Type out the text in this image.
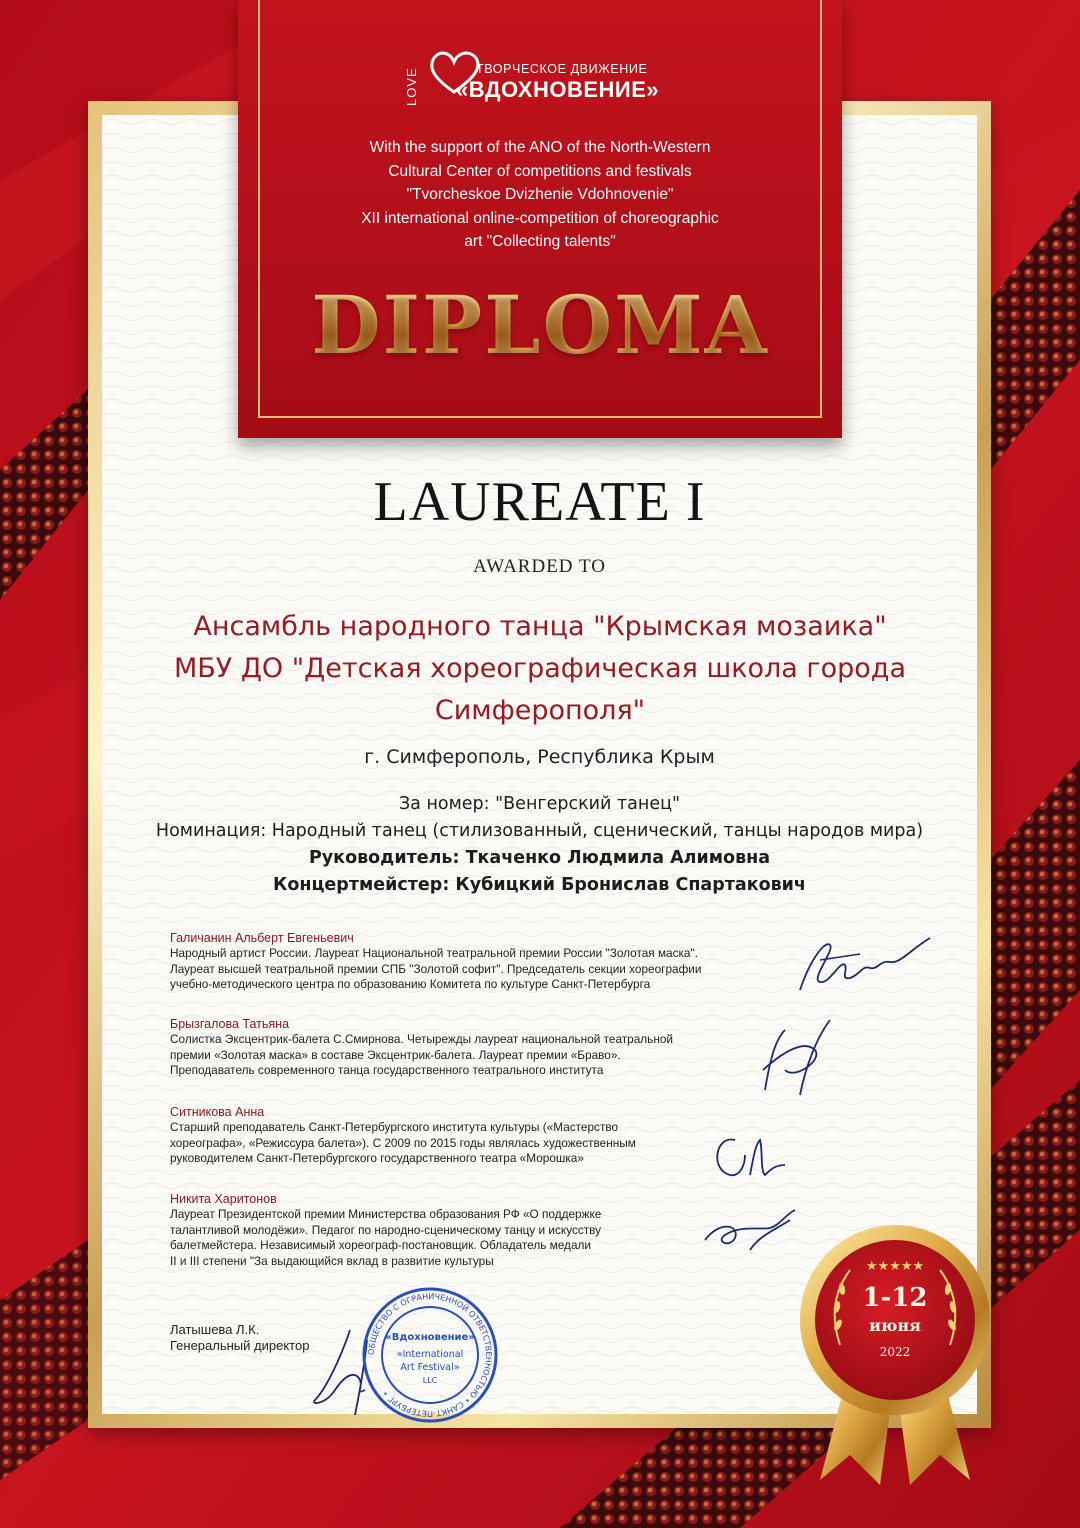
LOVE	ТВОРЧЕСКОЕ ДВИЖЕНИЕ
«ВДОХНОВЕНИЕ»
With the support of the ANO of the North-Western
Cultural Center of competitions and festivals
"Tvorcheskoe Dvizhenie Vdohnovenie"
XII international online-competition of choreographic
art "Collecting talents"
DIPLOMA
LAUREATE I
AWARDED TO
Ансамбль народного танца "Крымская мозаика"
МБУ ДО "Детская хореографическая школа города
Симферополя"
г. Симферополь, Республика Крым
За номер: "Венгерский танец"
Номинация: Народный танец (стилизованный, сценический, танцы народов мира)
Руководитель: Ткаченко Людмила Алимовна
Концертмейстер: Кубицкий Бронислав Спартакович
Галичанин Альберт Евгеньевич
Народный артист России. Лауреат Национальной театральной премии России "Золотая маска".
Лауреат высшей театральной премии СПБ "Золотой софит". Председатель секции хореографии
учебно-методического центра по образованию Комитета по культуре Санкт-Петербурга
Брызгалова Татьяна
Солистка Эксцентрик-балета С.Смирнова. Четырежды лауреат национальной театральной
премии «Золотая маска» в составе Эксцентрик-балета. Лауреат премии «Браво».
Преподаватель современного танца государственного театрального института
Ситникова Анна
Старший преподаватель Санкт-Петербургского института культуры («Мастерство
хореографа», «Режиссура балета»). С 2009 по 2015 годы являлась художественным
руководителем Санкт-Петербургского государственного театра «Морошка»
Никита Харитонов
Лауреат Президентской премии Министерства образования РФ «О поддержке
талантливой молодёжи». Педагог по народно-сценическому танцу и искусству
балетмейстера. Независимый хореограф-постановщик. Обладатель медали
II и III степени "За выдающийся вклад в развитие культуры
Латышева Л.К.
Генеральный директор	ОБЩЕСТВО С ОГРАНИЧЕННОЙ ОТВЕТСТВЕННОСТЬЮ • САНКТ-ПЕТЕРБУРГ •
«Вдохновение»
«International
Art Festival»
LLC
★★★★★
1-12
июня
2022
